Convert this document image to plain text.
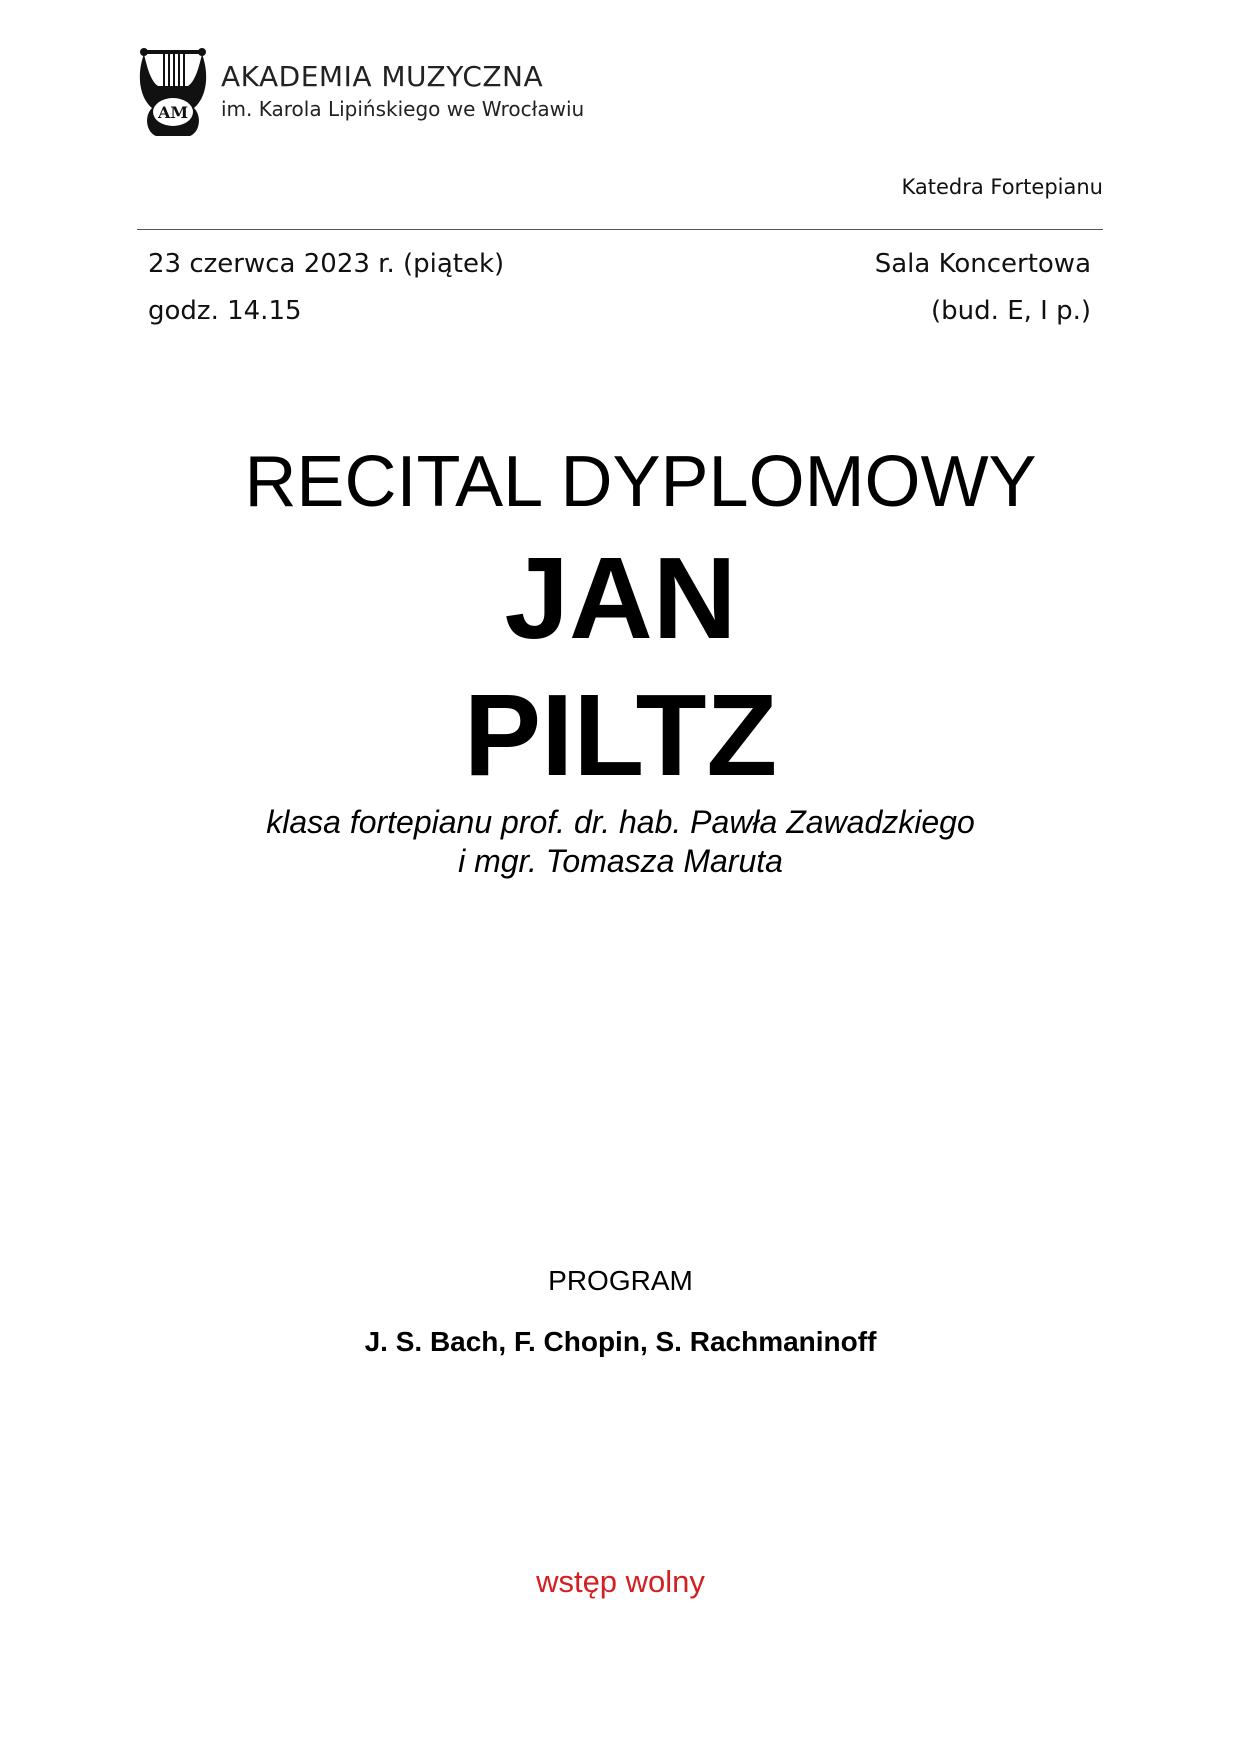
AM
AKADEMIA MUZYCZNA
im. Karola Lipińskiego we Wrocławiu
Katedra Fortepianu
23 czerwca 2023 r. (piątek)
godz. 14.15
Sala Koncertowa
(bud. E, I p.)
RECITAL DYPLOMOWY
JAN
PILTZ
klasa fortepianu prof. dr. hab. Pawła Zawadzkiego
i mgr. Tomasza Maruta
PROGRAM
J. S. Bach, F. Chopin, S. Rachmaninoff
wstęp wolny
